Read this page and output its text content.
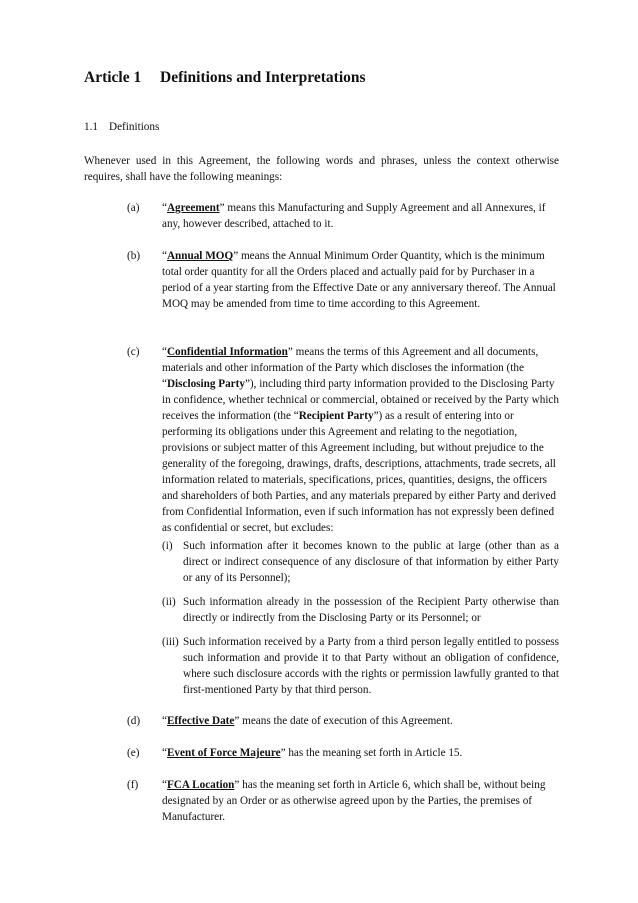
Article 1 Definitions and Interpretations
1.1 Definitions
Whenever used in this Agreement, the following words and phrases, unless the context otherwise requires, shall have the following meanings:
(a) “Agreement” means this Manufacturing and Supply Agreement and all Annexures, if any, however described, attached to it.
(b) “Annual MOQ” means the Annual Minimum Order Quantity, which is the minimum total order quantity for all the Orders placed and actually paid for by Purchaser in a period of a year starting from the Effective Date or any anniversary thereof. The Annual MOQ may be amended from time to time according to this Agreement.
(c) “Confidential Information” means the terms of this Agreement and all documents, materials and other information of the Party which discloses the information (the “Disclosing Party”), including third party information provided to the Disclosing Party in confidence, whether technical or commercial, obtained or received by the Party which receives the information (the “Recipient Party”) as a result of entering into or performing its obligations under this Agreement and relating to the negotiation, provisions or subject matter of this Agreement including, but without prejudice to the generality of the foregoing, drawings, drafts, descriptions, attachments, trade secrets, all information related to materials, specifications, prices, quantities, designs, the officers and shareholders of both Parties, and any materials prepared by either Party and derived from Confidential Information, even if such information has not expressly been defined as confidential or secret, but excludes:
(i) Such information after it becomes known to the public at large (other than as a direct or indirect consequence of any disclosure of that information by either Party or any of its Personnel);
(ii) Such information already in the possession of the Recipient Party otherwise than directly or indirectly from the Disclosing Party or its Personnel; or
(iii) Such information received by a Party from a third person legally entitled to possess such information and provide it to that Party without an obligation of confidence, where such disclosure accords with the rights or permission lawfully granted to that first-mentioned Party by that third person.
(d) “Effective Date” means the date of execution of this Agreement.
(e) “Event of Force Majeure” has the meaning set forth in Article 15.
(f) “FCA Location” has the meaning set forth in Article 6, which shall be, without being designated by an Order or as otherwise agreed upon by the Parties, the premises of Manufacturer.
